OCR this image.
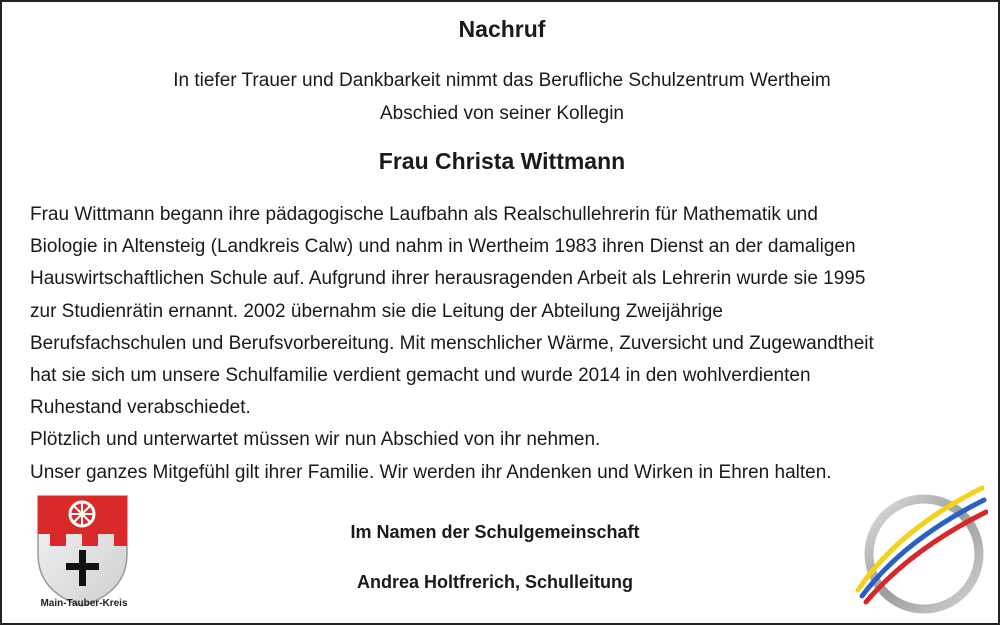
Nachruf
In tiefer Trauer und Dankbarkeit nimmt das Berufliche Schulzentrum Wertheim
Abschied von seiner Kollegin
Frau Christa Wittmann
Frau Wittmann begann ihre pädagogische Laufbahn als Realschullehrerin für Mathematik und
Biologie in Altensteig (Landkreis Calw) und nahm in Wertheim 1983 ihren Dienst an der damaligen
Hauswirtschaftlichen Schule auf. Aufgrund ihrer herausragenden Arbeit als Lehrerin wurde sie 1995
zur Studienrätin ernannt. 2002 übernahm sie die Leitung der Abteilung Zweijährige
Berufsfachschulen und Berufsvorbereitung. Mit menschlicher Wärme, Zuversicht und Zugewandtheit
hat sie sich um unsere Schulfamilie verdient gemacht und wurde 2014 in den wohlverdienten
Ruhestand verabschiedet.
Plötzlich und unterwartet müssen wir nun Abschied von ihr nehmen.
Unser ganzes Mitgefühl gilt ihrer Familie. Wir werden ihr Andenken und Wirken in Ehren halten.
Im Namen der Schulgemeinschaft
Andrea Holtfrerich, Schulleitung
Main-Tauber-Kreis
